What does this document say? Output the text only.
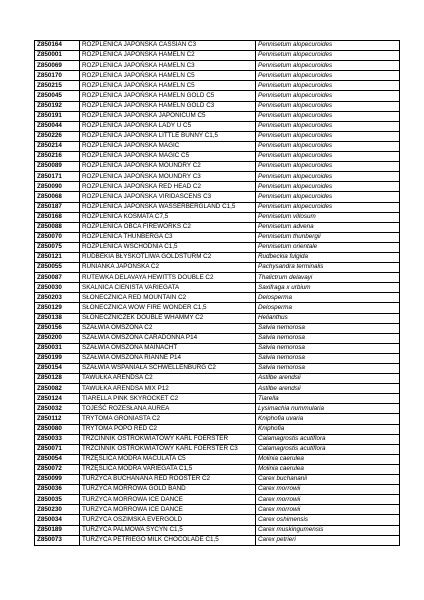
Z850164	ROZPLENICA JAPOŃSKA CASSIAN C3	Pennisetum alopecuroides
Z850001	ROZPLENICA JAPOŃSKA HAMELN C2	Pennisetum alopecuroides
Z850069	ROZPLENICA JAPOŃSKA HAMELN C3	Pennisetum alopecuroides
Z850170	ROZPLENICA JAPOŃSKA HAMELN C5	Pennisetum alopecuroides
Z850215	ROZPLENICA JAPOŃSKA HAMELN C5	Pennisetum alopecuroides
Z850045	ROZPLENICA JAPOŃSKA HAMELN GOLD C5	Pennisetum alopecuroides
Z850192	ROZPLENICA JAPOŃSKA HAMELN GOLD C3	Pennisetum alopecuroides
Z850191	ROZPLENICA JAPOŃSKA JAPONICUM C5	Pennisetum alopecuroides
Z850044	ROZPLENICA JAPOŃSKA LADY U C5	Pennisetum alopecuroides
Z850226	ROZPLENICA JAPOŃSKA LITTLE BUNNY C1,5	Pennisetum alopecuroides
Z850214	ROZPLENICA JAPOŃSKA MAGIC	Pennisetum alopecuroides
Z850216	ROZPLENICA JAPOŃSKA MAGIC C5	Pennisetum alopecuroides
Z850089	ROZPLENICA JAPOŃSKA MOUNDRY C2	Pennisetum alopecuroides
Z850171	ROZPLENICA JAPOŃSKA MOUNDRY C3	Pennisetum alopecuroides
Z850090	ROZPLENICA JAPOŃSKA RED HEAD C2	Pennisetum alopecuroides
Z850068	ROZPLENICA JAPOŃSKA VIRIDASCENS C3	Pennisetum alopecuroides
Z850187	ROZPLENICA JAPOŃSKA WASSERBERGLAND C1,5	Pennisetum alopecuroides
Z850168	ROZPLENICA KOSMATA C7,5	Pennisetum villosum
Z850088	ROZPLENICA OBCA FIREWORKS C2	Pennisetum advena
Z850070	ROZPLENICA THUNBERGA C3	Pennisetum thunbergii
Z850075	ROZPLENICA WSCHODNIA C1,5	Pennisetum orientale
Z850121	RUDBEKIA BŁYSKOTLIWA GOLDSTURM C2	Rudbeckia fulgida
Z850055	RUNIANKA JAPOŃSKA C2	Pachysandra terminalis
Z850087	RUTEWKA DELAVAYA HEWITTS DOUBLE C2	Thalictrum delavayi
Z850030	SKALNICA CIENISTA VARIEGATA	Saxifraga x urbium
Z850203	SŁONECZNICA RED MOUNTAIN C2	Delosperma
Z850129	SŁONECZNICA WOW FIRE WONDER C1,5	Delosperma
Z850138	SŁONECZNICZEK DOUBLE WHAMMY C2	Helianthus
Z850156	SZAŁWIA OMSZONA C2	Salvia nemorosa
Z850200	SZAŁWIA OMSZONA CARADONNA P14	Salvia nemorosa
Z850031	SZAŁWIA OMSZONA MAINACHT	Salvia nemorosa
Z850199	SZAŁWIA OMSZONA RIANNE P14	Salvia nemorosa
Z850154	SZAŁWIA WSPANIAŁA SCHWELLENBURG C2	Salvia nemorosa
Z850128	TAWUŁKA ARENDSA C2	Astilbe arendsii
Z850082	TAWUŁKA ARENDSA MIX P12	Astilbe arendsii
Z850124	TIARELLA PINK SKYROCKET C2	Tiarella
Z850032	TOJEŚĆ ROZESŁANA AUREA	Lysimachia nummularia
Z850112	TRYTOMA GRONIASTA C2	Kniphofia uvaria
Z850080	TRYTOMA POPO RED C2	Kniphofia
Z850033	TRZCINNIK OSTROKWIATOWY KARL FOERSTER	Calamagrostis acutiflora
Z850071	TRZCINNIK OSTROKWIATOWY KARL FOERSTER C3	Calamagrostis acutiflora
Z850054	TRZĘŚLICA MODRA MACULATA C5	Molinia caerulea
Z850072	TRZĘŚLICA MODRA VARIEGATA C1,5	Molinia caerulea
Z850099	TURZYCA BUCHANANA RED ROOSTER C2	Carex buchananii
Z850036	TURZYCA MORROWA GOLD BAND	Carex morrowii
Z850035	TURZYCA MORROWA ICE DANCE	Carex morrowii
Z850230	TURZYCA MORROWA ICE DANCE	Carex morrowii
Z850034	TURZYCA OSZIMSKA EVERGOLD	Carex oshimensis
Z850189	TURZYCA PALMOWA SYCYN C1,5	Carex muskingumensis
Z850073	TURZYCA PETRIEGO MILK CHOCOLADE C1,5	Carex petrieri
